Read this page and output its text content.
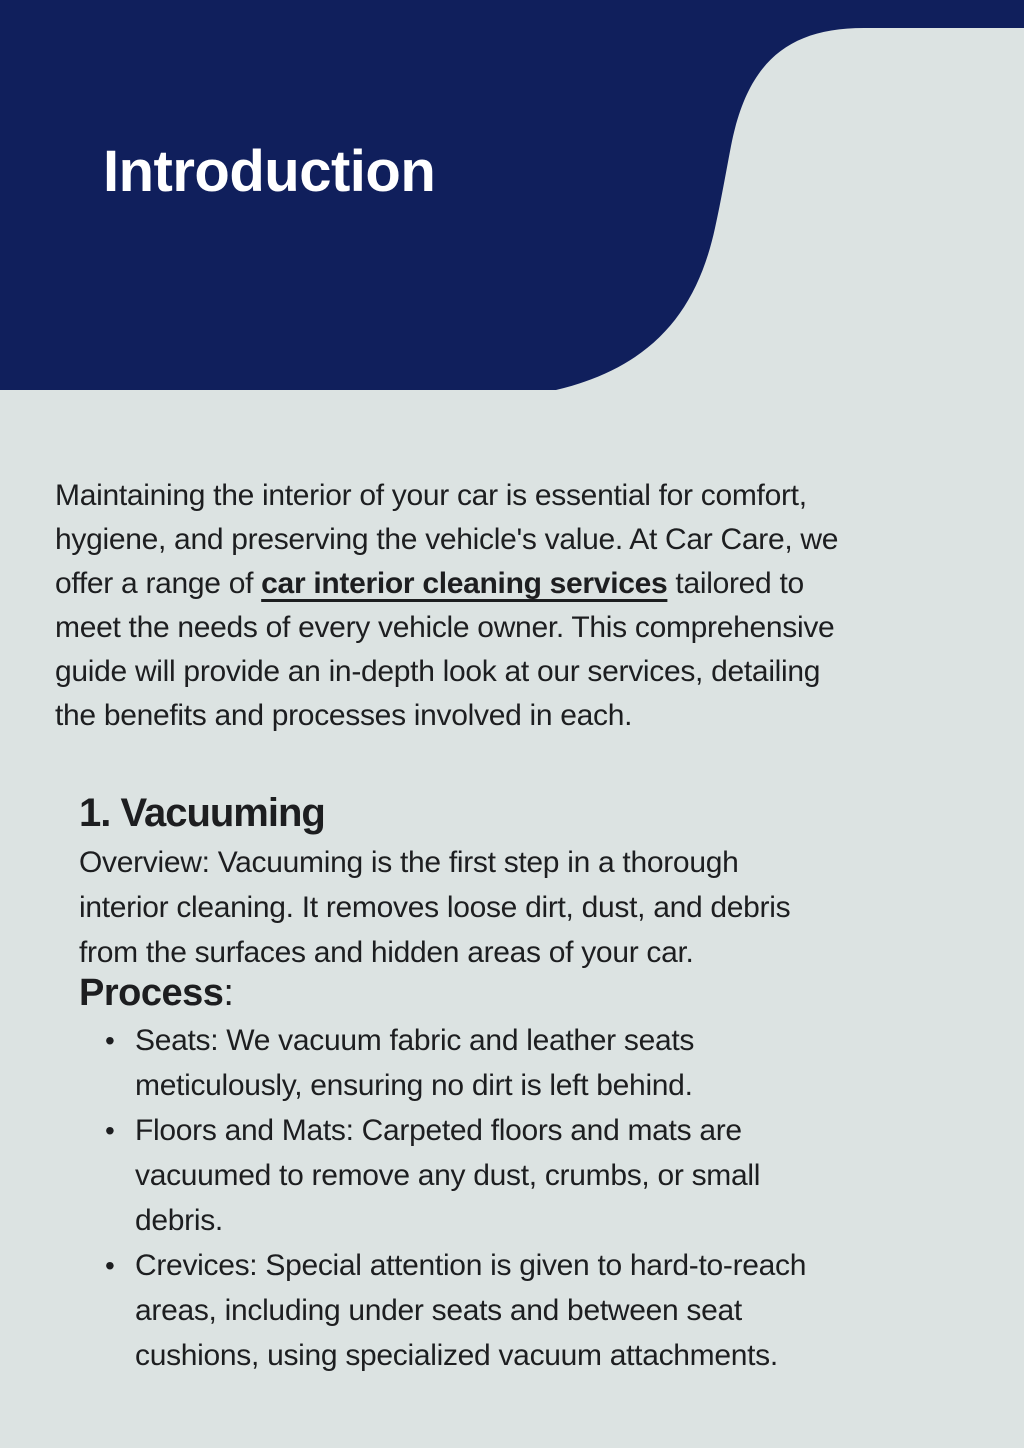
Introduction
Maintaining the interior of your car is essential for comfort,
hygiene, and preserving the vehicle's value. At Car Care, we
offer a range of car interior cleaning services tailored to
meet the needs of every vehicle owner. This comprehensive
guide will provide an in-depth look at our services, detailing
the benefits and processes involved in each.
1. Vacuuming
Overview: Vacuuming is the first step in a thorough
interior cleaning. It removes loose dirt, dust, and debris
from the surfaces and hidden areas of your car.
Process:
• Seats: We vacuum fabric and leather seats
meticulously, ensuring no dirt is left behind.
• Floors and Mats: Carpeted floors and mats are
vacuumed to remove any dust, crumbs, or small
debris.
• Crevices: Special attention is given to hard-to-reach
areas, including under seats and between seat
cushions, using specialized vacuum attachments.
